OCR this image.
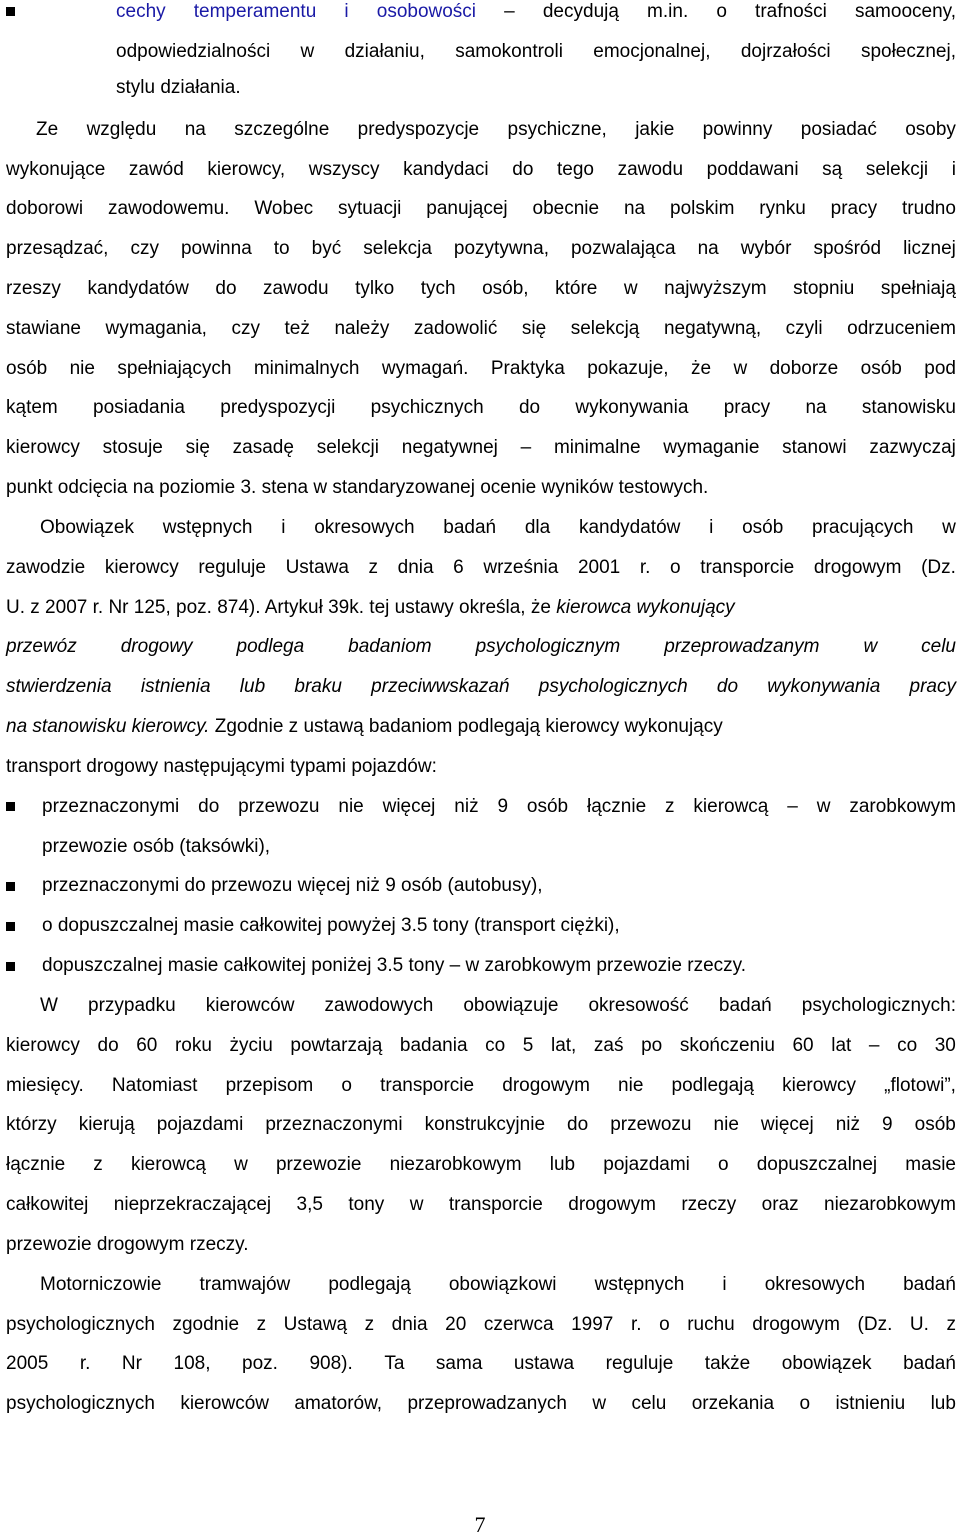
cechy temperamentu i osobowości – decydują m.in. o trafności samooceny,
odpowiedzialności w działaniu, samokontroli emocjonalnej, dojrzałości społecznej,
stylu działania.
Ze względu na szczególne predyspozycje psychiczne, jakie powinny posiadać osoby
wykonujące zawód kierowcy, wszyscy kandydaci do tego zawodu poddawani są selekcji i
doborowi zawodowemu. Wobec sytuacji panującej obecnie na polskim rynku pracy trudno
przesądzać, czy powinna to być selekcja pozytywna, pozwalająca na wybór spośród licznej
rzeszy kandydatów do zawodu tylko tych osób, które w najwyższym stopniu spełniają
stawiane wymagania, czy też należy zadowolić się selekcją negatywną, czyli odrzuceniem
osób nie spełniających minimalnych wymagań. Praktyka pokazuje, że w doborze osób pod
kątem posiadania predyspozycji psychicznych do wykonywania pracy na stanowisku
kierowcy stosuje się zasadę selekcji negatywnej – minimalne wymaganie stanowi zazwyczaj
punkt odcięcia na poziomie 3. stena w standaryzowanej ocenie wyników testowych.
Obowiązek wstępnych i okresowych badań dla kandydatów i osób pracujących w
zawodzie kierowcy reguluje Ustawa z dnia 6 września 2001 r. o transporcie drogowym (Dz.
U. z 2007 r. Nr 125, poz. 874). Artykuł 39k. tej ustawy określa, że kierowca wykonujący
przewóz drogowy podlega badaniom psychologicznym przeprowadzanym w celu
stwierdzenia istnienia lub braku przeciwwskazań psychologicznych do wykonywania pracy
na stanowisku kierowcy. Zgodnie z ustawą badaniom podlegają kierowcy wykonujący
transport drogowy następującymi typami pojazdów:
przeznaczonymi do przewozu nie więcej niż 9 osób łącznie z kierowcą – w zarobkowym
przewozie osób (taksówki),
przeznaczonymi do przewozu więcej niż 9 osób (autobusy),
o dopuszczalnej masie całkowitej powyżej 3.5 tony (transport ciężki),
dopuszczalnej masie całkowitej poniżej 3.5 tony – w zarobkowym przewozie rzeczy.
W przypadku kierowców zawodowych obowiązuje okresowość badań psychologicznych:
kierowcy do 60 roku życiu powtarzają badania co 5 lat, zaś po skończeniu 60 lat – co 30
miesięcy. Natomiast przepisom o transporcie drogowym nie podlegają kierowcy „flotowi”,
którzy kierują pojazdami przeznaczonymi konstrukcyjnie do przewozu nie więcej niż 9 osób
łącznie z kierowcą w przewozie niezarobkowym lub pojazdami o dopuszczalnej masie
całkowitej nieprzekraczającej 3,5 tony w transporcie drogowym rzeczy oraz niezarobkowym
przewozie drogowym rzeczy.
Motorniczowie tramwajów podlegają obowiązkowi wstępnych i okresowych badań
psychologicznych zgodnie z Ustawą z dnia 20 czerwca 1997 r. o ruchu drogowym (Dz. U. z
2005 r. Nr 108, poz. 908). Ta sama ustawa reguluje także obowiązek badań
psychologicznych kierowców amatorów, przeprowadzanych w celu orzekania o istnieniu lub
7
